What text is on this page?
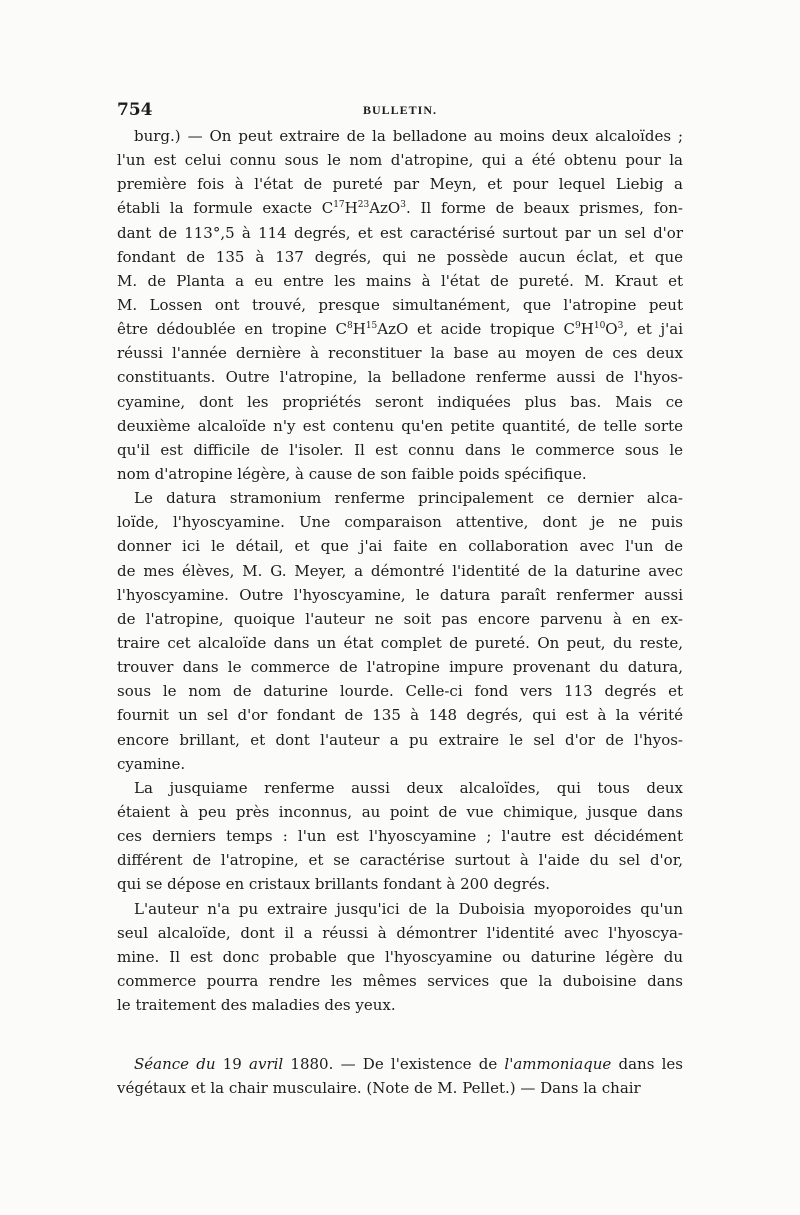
754	BULLETIN.
burg.) — On peut extraire de la belladone au moins deux alcaloïdes ;
l'un est celui connu sous le nom d'atropine, qui a été obtenu pour la
première fois à l'état de pureté par Meyn, et pour lequel Liebig a
établi la formule exacte $C^{17}H^{23}AzO^3$. Il forme de beaux prismes, fon-
dant de 113°,5 à 114 degrés, et est caractérisé surtout par un sel d'or
fondant de 135 à 137 degrés, qui ne possède aucun éclat, et que
M. de Planta a eu entre les mains à l'état de pureté. M. Kraut et
M. Lossen ont trouvé, presque simultanément, que l'atropine peut
être dédoublée en tropine $C^8H^{15}AzO$ et acide tropique $C^9H^{10}O^3$, et j'ai
réussi l'année dernière à reconstituer la base au moyen de ces deux
constituants. Outre l'atropine, la belladone renferme aussi de l'hyos-
cyamine, dont les propriétés seront indiquées plus bas. Mais ce
deuxième alcaloïde n'y est contenu qu'en petite quantité, de telle sorte
qu'il est difficile de l'isoler. Il est connu dans le commerce sous le
nom d'atropine légère, à cause de son faible poids spécifique.
Le datura stramonium renferme principalement ce dernier alca-
loïde, l'hyoscyamine. Une comparaison attentive, dont je ne puis
donner ici le détail, et que j'ai faite en collaboration avec l'un de
de mes élèves, M. G. Meyer, a démontré l'identité de la daturine avec
l'hyoscyamine. Outre l'hyoscyamine, le datura paraît renfermer aussi
de l'atropine, quoique l'auteur ne soit pas encore parvenu à en ex-
traire cet alcaloïde dans un état complet de pureté. On peut, du reste,
trouver dans le commerce de l'atropine impure provenant du datura,
sous le nom de daturine lourde. Celle-ci fond vers 113 degrés et
fournit un sel d'or fondant de 135 à 148 degrés, qui est à la vérité
encore brillant, et dont l'auteur a pu extraire le sel d'or de l'hyos-
cyamine.
La jusquiame renferme aussi deux alcaloïdes, qui tous deux
étaient à peu près inconnus, au point de vue chimique, jusque dans
ces derniers temps : l'un est l'hyoscyamine ; l'autre est décidément
différent de l'atropine, et se caractérise surtout à l'aide du sel d'or,
qui se dépose en cristaux brillants fondant à 200 degrés.
L'auteur n'a pu extraire jusqu'ici de la Duboisia myoporoides qu'un
seul alcaloïde, dont il a réussi à démontrer l'identité avec l'hyoscya-
mine. Il est donc probable que l'hyoscyamine ou daturine légère du
commerce pourra rendre les mêmes services que la duboisine dans
le traitement des maladies des yeux.
Séance du 19 avril 1880. — De l'existence de l'ammoniaque dans les
végétaux et la chair musculaire. (Note de M. Pellet.) — Dans la chair
